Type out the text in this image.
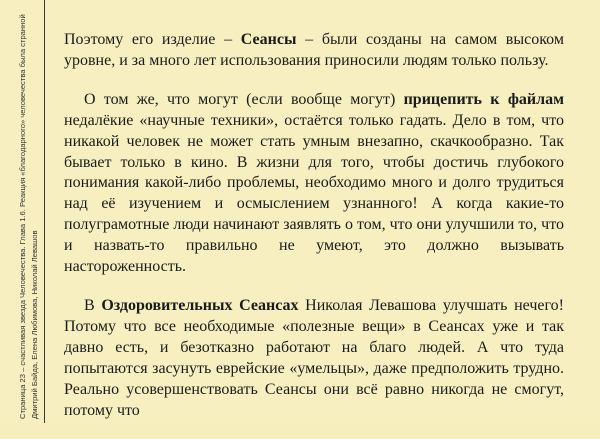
Страница 23 – счастливая звезда Человечества. Глава 1.6. Реакция «благодарного» человечества была странной Дмитрий Байда, Елена Любимова, Николай Левашов

Поэтому его изделие – Сеансы – были созданы на самом высоком уровне, и за много лет использования приносили людям только пользу.

О том же, что могут (если вообще могут) прицепить к файлам недалёкие «научные техники», остаётся только гадать. Дело в том, что никакой человек не может стать умным внезапно, скачкообразно. Так бывает только в кино. В жизни для того, чтобы достичь глубокого понимания какой-либо проблемы, необходимо много и долго трудиться над её изучением и осмыслением узнанного! А когда какие-то полуграмотные люди начинают заявлять о том, что они улучшили то, что и назвать-то правильно не умеют, это должно вызывать настороженность.

В Оздоровительных Сеансах Николая Левашова улучшать нечего! Потому что все необходимые «полезные вещи» в Сеансах уже и так давно есть, и безотказно работают на благо людей. А что туда попытаются засунуть еврейские «умельцы», даже предположить трудно. Реально усовершенствовать Сеансы они всё равно никогда не смогут, потому что
